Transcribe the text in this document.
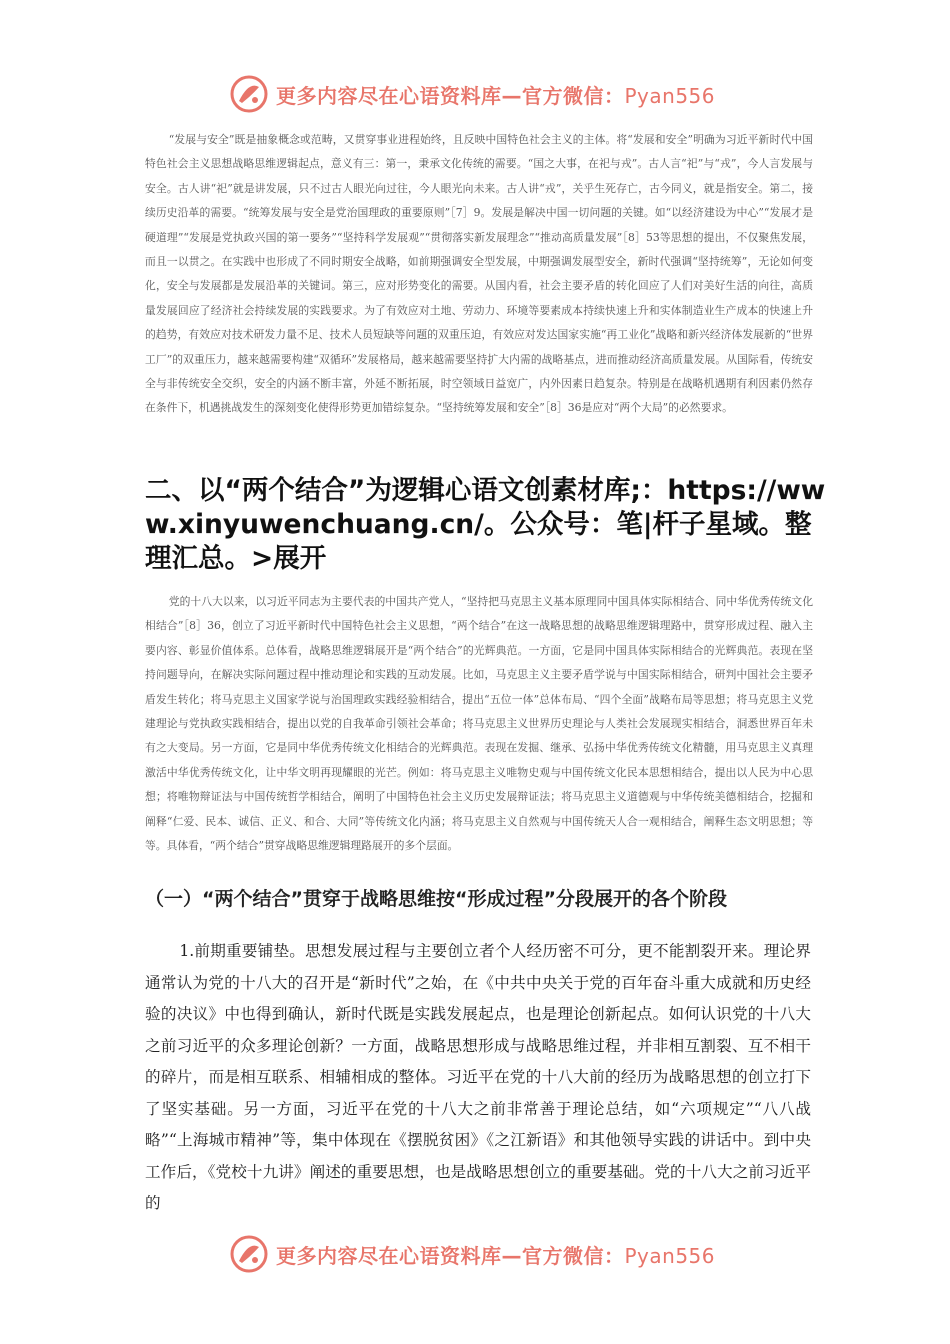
更多内容尽在心语资料库—官方微信：Pyan556

“发展与安全”既是抽象概念或范畴，又贯穿事业进程始终，且反映中国特色社会主义的主体。将“发展和安全”明确为习近平新时代中国特色社会主义思想战略思维逻辑起点，意义有三：第一，秉承文化传统的需要。“国之大事，在祀与戎”。古人言“祀”与“戎”，今人言发展与安全。古人讲“祀”就是讲发展，只不过古人眼光向过往，今人眼光向未来。古人讲“戎”，关乎生死存亡，古今同义，就是指安全。第二，接续历史沿革的需要。“统筹发展与安全是党治国理政的重要原则”［7］9。发展是解决中国一切问题的关键。如“以经济建设为中心”“发展才是硬道理”“发展是党执政兴国的第一要务”“坚持科学发展观”“贯彻落实新发展理念”“推动高质量发展”［8］53等思想的提出，不仅聚焦发展，而且一以贯之。在实践中也形成了不同时期安全战略，如前期强调安全型发展，中期强调发展型安全，新时代强调“坚持统筹”，无论如何变化，安全与发展都是发展沿革的关键词。第三，应对形势变化的需要。从国内看，社会主要矛盾的转化回应了人们对美好生活的向往，高质量发展回应了经济社会持续发展的实践要求。为了有效应对土地、劳动力、环境等要素成本持续快速上升和实体制造业生产成本的快速上升的趋势，有效应对技术研发力量不足、技术人员短缺等问题的双重压迫，有效应对发达国家实施“再工业化”战略和新兴经济体发展新的“世界工厂”的双重压力，越来越需要构建“双循环”发展格局，越来越需要坚持扩大内需的战略基点，进而推动经济高质量发展。从国际看，传统安全与非传统安全交织，安全的内涵不断丰富，外延不断拓展，时空领域日益宽广，内外因素日趋复杂。特别是在战略机遇期有利因素仍然存在条件下，机遇挑战发生的深刻变化使得形势更加错综复杂。“坚持统筹发展和安全”［8］36是应对“两个大局”的必然要求。

二、以“两个结合”为逻辑心语文创素材库;：https://www.xinyuwenchuang.cn/。公众号：笔|杆子星域。整理汇总。>展开

党的十八大以来，以习近平同志为主要代表的中国共产党人，“坚持把马克思主义基本原理同中国具体实际相结合、同中华优秀传统文化相结合”［8］36，创立了习近平新时代中国特色社会主义思想，“两个结合”在这一战略思想的战略思维逻辑理路中，贯穿形成过程、融入主要内容、彰显价值体系。总体看，战略思维逻辑展开是“两个结合”的光辉典范。一方面，它是同中国具体实际相结合的光辉典范。表现在坚持问题导向，在解决实际问题过程中推动理论和实践的互动发展。比如，马克思主义主要矛盾学说与中国实际相结合，研判中国社会主要矛盾发生转化；将马克思主义国家学说与治国理政实践经验相结合，提出“五位一体”总体布局、“四个全面”战略布局等思想；将马克思主义党建理论与党执政实践相结合，提出以党的自我革命引领社会革命；将马克思主义世界历史理论与人类社会发展现实相结合，洞悉世界百年未有之大变局。另一方面，它是同中华优秀传统文化相结合的光辉典范。表现在发掘、继承、弘扬中华优秀传统文化精髓，用马克思主义真理激活中华优秀传统文化，让中华文明再现耀眼的光芒。例如：将马克思主义唯物史观与中国传统文化民本思想相结合，提出以人民为中心思想；将唯物辩证法与中国传统哲学相结合，阐明了中国特色社会主义历史发展辩证法；将马克思主义道德观与中华传统美德相结合，挖掘和阐释“仁爱、民本、诚信、正义、和合、大同”等传统文化内涵；将马克思主义自然观与中国传统天人合一观相结合，阐释生态文明思想；等等。具体看，“两个结合”贯穿战略思维逻辑理路展开的多个层面。

（一）“两个结合”贯穿于战略思维按“形成过程”分段展开的各个阶段

1.前期重要铺垫。思想发展过程与主要创立者个人经历密不可分，更不能割裂开来。理论界通常认为党的十八大的召开是“新时代”之始，在《中共中央关于党的百年奋斗重大成就和历史经验的决议》中也得到确认，新时代既是实践发展起点，也是理论创新起点。如何认识党的十八大之前习近平的众多理论创新？一方面，战略思想形成与战略思维过程，并非相互割裂、互不相干的碎片，而是相互联系、相辅相成的整体。习近平在党的十八大前的经历为战略思想的创立打下了坚实基础。另一方面，习近平在党的十八大之前非常善于理论总结，如“六项规定”“八八战略”“上海城市精神”等，集中体现在《摆脱贫困》《之江新语》和其他领导实践的讲话中。到中央工作后，《党校十九讲》阐述的重要思想，也是战略思想创立的重要基础。党的十八大之前习近平的

更多内容尽在心语资料库—官方微信：Pyan556
